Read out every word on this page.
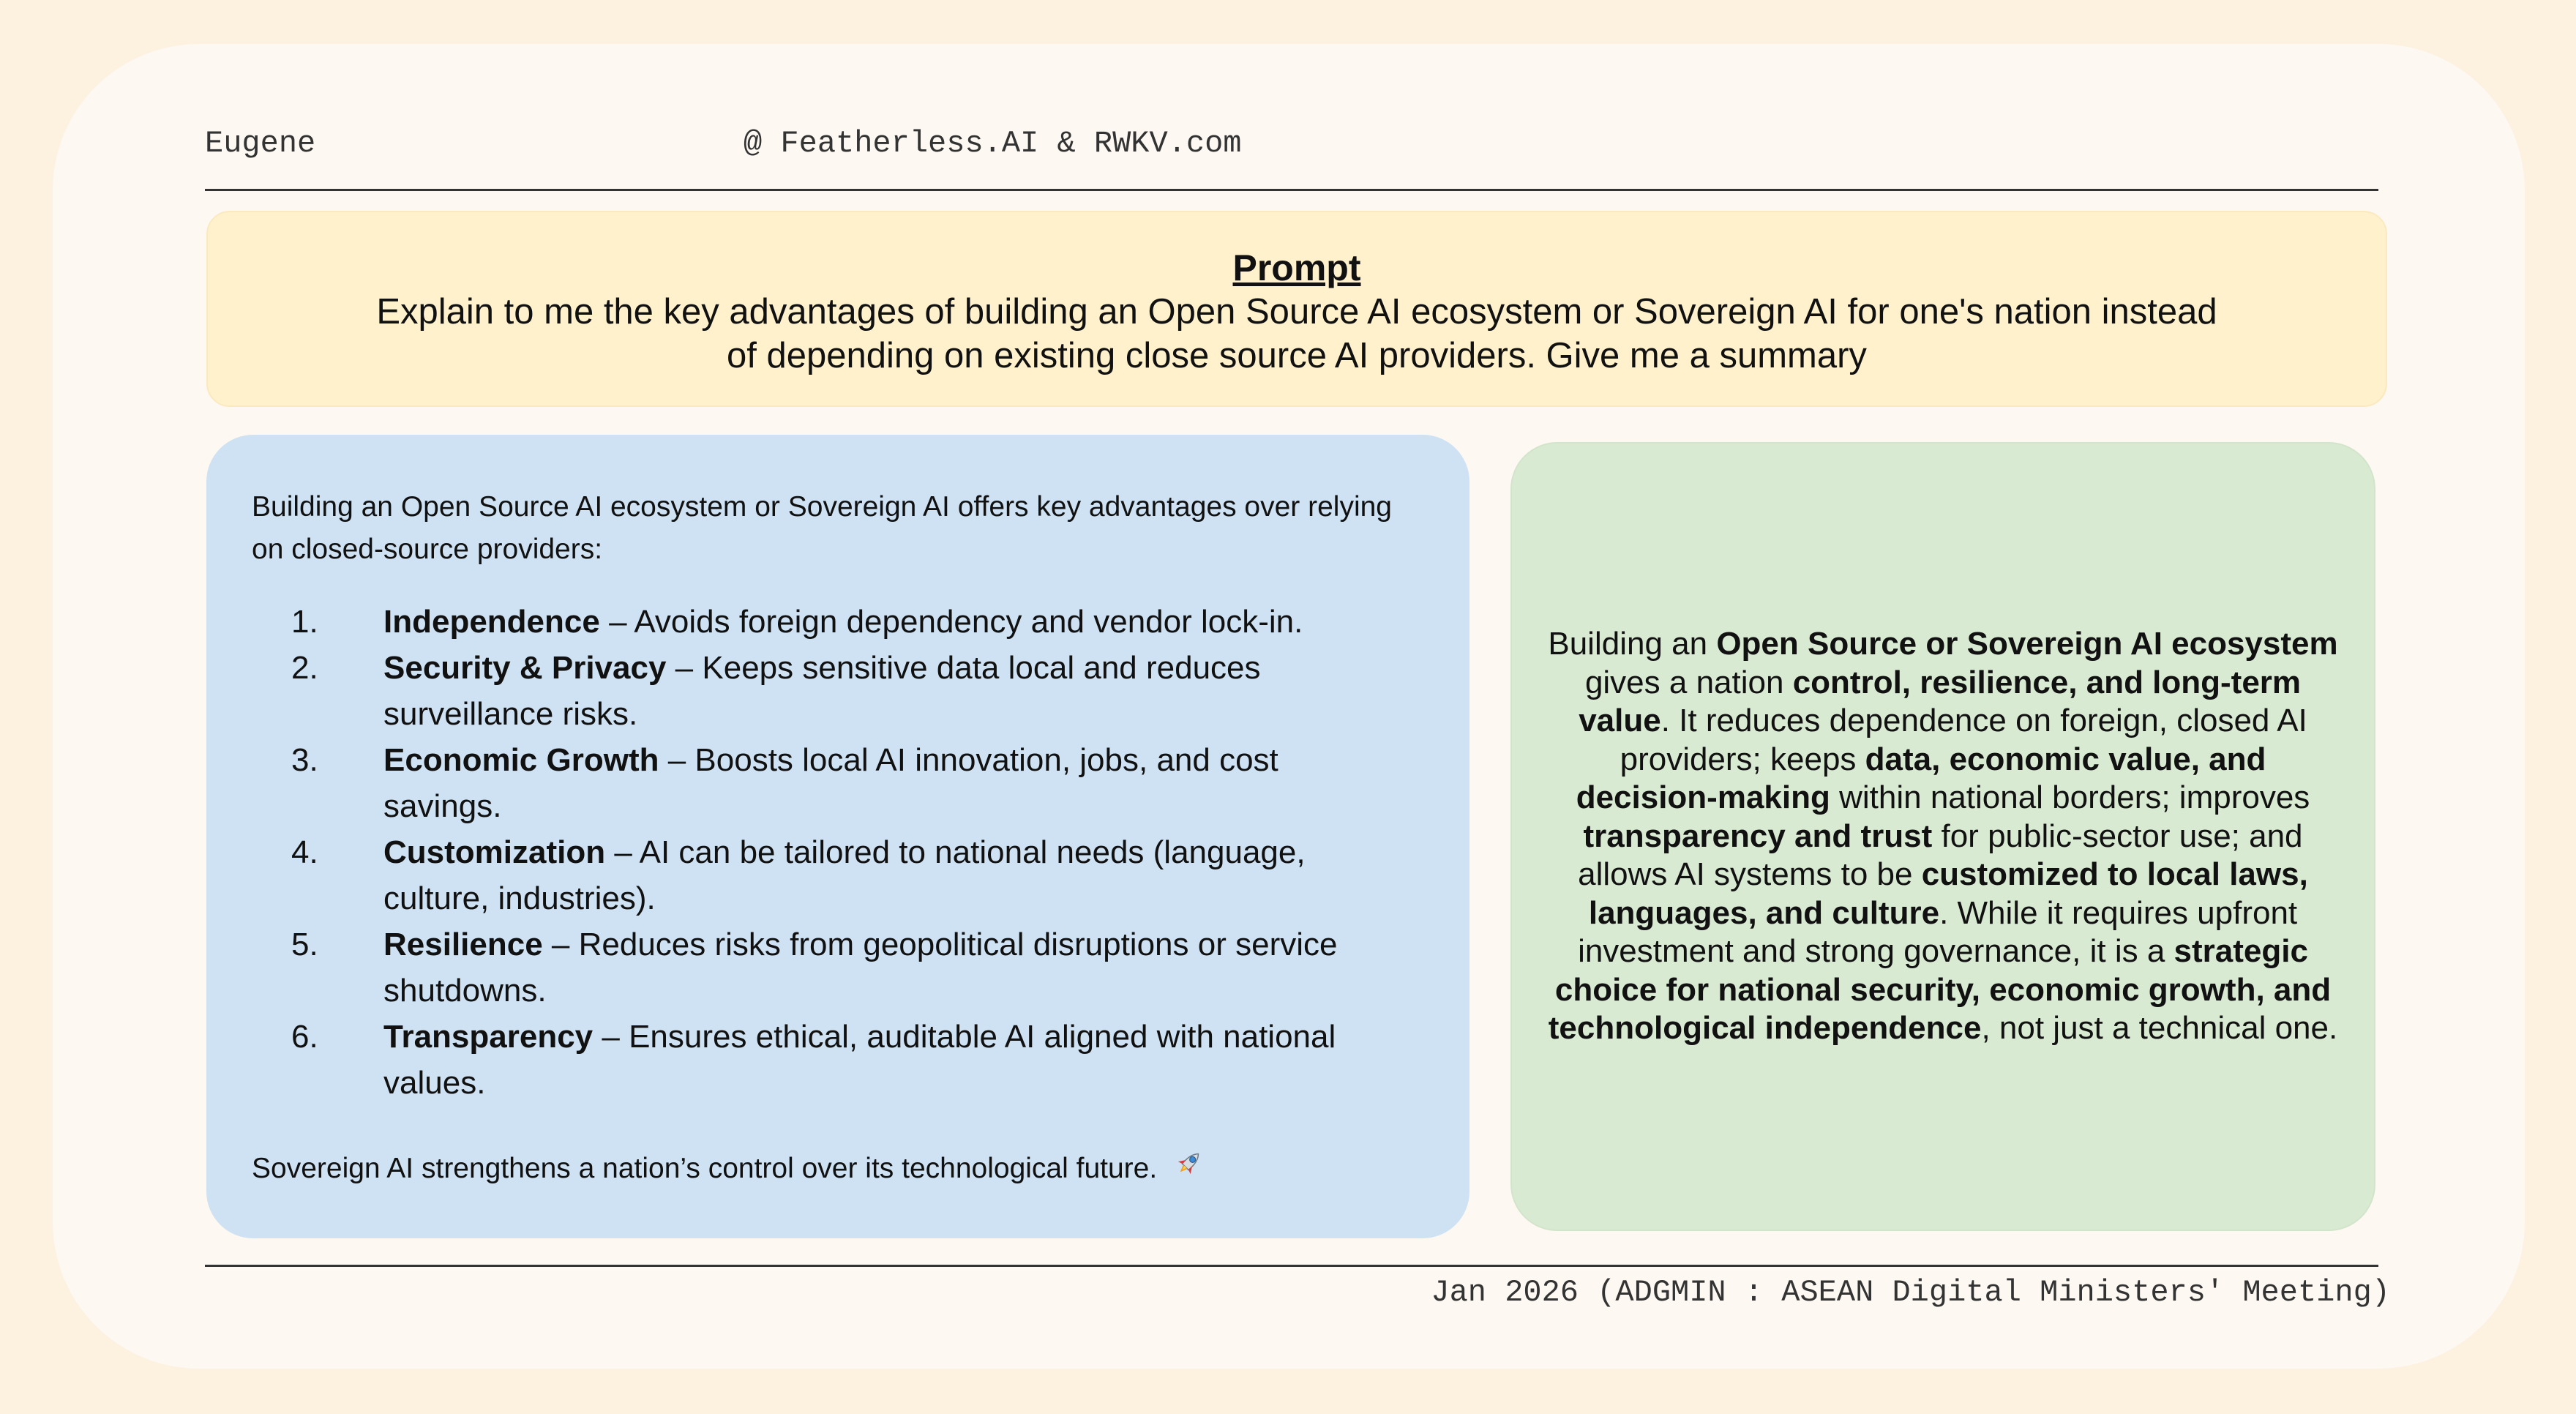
Eugene	@ Featherless.AI & RWKV.com
Prompt
Explain to me the key advantages of building an Open Source AI ecosystem or Sovereign AI for one's nation instead of depending on existing close source AI providers. Give me a summary

Building an Open Source AI ecosystem or Sovereign AI offers key advantages over relying on closed-source providers:

1.	Independence – Avoids foreign dependency and vendor lock-in.
2.	Security & Privacy – Keeps sensitive data local and reduces surveillance risks.
3.	Economic Growth – Boosts local AI innovation, jobs, and cost savings.
4.	Customization – AI can be tailored to national needs (language, culture, industries).
5.	Resilience – Reduces risks from geopolitical disruptions or service shutdowns.
6.	Transparency – Ensures ethical, auditable AI aligned with national values.
Sovereign AI strengthens a nation’s control over its technological future.

Building an Open Source or Sovereign AI ecosystem gives a nation control, resilience, and long-term value. It reduces dependence on foreign, closed AI providers; keeps data, economic value, and decision-making within national borders; improves transparency and trust for public-sector use; and allows AI systems to be customized to local laws, languages, and culture. While it requires upfront investment and strong governance, it is a strategic choice for national security, economic growth, and technological independence, not just a technical one.

Jan 2026 (ADGMIN : ASEAN Digital Ministers' Meeting)
